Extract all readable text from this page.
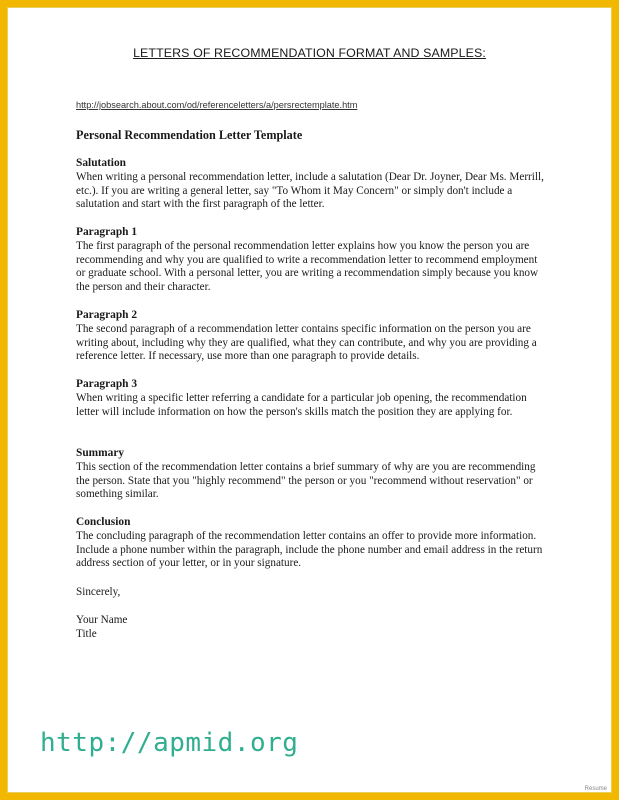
LETTERS OF RECOMMENDATION FORMAT AND SAMPLES:
http://jobsearch.about.com/od/referenceletters/a/persrectemplate.htm
Personal Recommendation Letter Template
Salutation

When writing a personal recommendation letter, include a salutation (Dear Dr. Joyner, Dear Ms. Merrill, etc.). If you are writing a general letter, say "To Whom it May Concern" or simply don't include a salutation and start with the first paragraph of the letter.

Paragraph 1

The first paragraph of the personal recommendation letter explains how you know the person you are recommending and why you are qualified to write a recommendation letter to recommend employment or graduate school. With a personal letter, you are writing a recommendation simply because you know the person and their character.

Paragraph 2

The second paragraph of a recommendation letter contains specific information on the person you are writing about, including why they are qualified, what they can contribute, and why you are providing a reference letter. If necessary, use more than one paragraph to provide details.

Paragraph 3

When writing a specific letter referring a candidate for a particular job opening, the recommendation letter will include information on how the person's skills match the position they are applying for.

Summary

This section of the recommendation letter contains a brief summary of why are you are recommending the person. State that you "highly recommend" the person or you "recommend without reservation" or something similar.

Conclusion

The concluding paragraph of the recommendation letter contains an offer to provide more information. Include a phone number within the paragraph, include the phone number and email address in the return address section of your letter, or in your signature.

Sincerely,
Your Name
Title
http://apmid.org
Resume
